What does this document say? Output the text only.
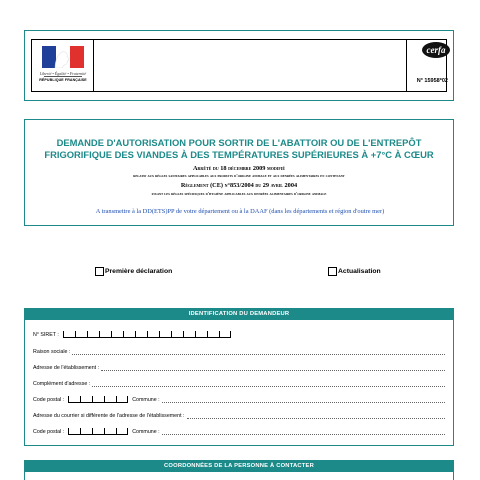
Liberté • Égalité • Fraternité
RÉPUBLIQUE FRANÇAISE
cerfa
N° 15958*02
DEMANDE D'AUTORISATION POUR SORTIR DE L'ABATTOIR OU DE L'ENTREPÔT
FRIGORIFIQUE DES VIANDES À DES TEMPÉRATURES SUPÉRIEURES À +7°C À CŒUR
Arrêté du 18 décembre 2009 modifié
relatif aux règles sanitaires applicables aux produits d'origine animale et aux denrées alimentaires en contenant
Règlement (CE) n°853/2004 du 29 avril 2004
fixant les règles spécifiques d'hygiène applicables aux denrées alimentaires d'origine animale
A transmettre à la DD(ETS)PP de votre département ou à la DAAF (dans les départements et région d'outre mer)
Première déclaration	Actualisation
IDENTIFICATION DU DEMANDEUR
N° SIRET :
Raison sociale :
Adresse de l'établissement :
Complément d'adresse :
Code postal :	Commune :
Adresse du courrier si différente de l'adresse de l'établissement :
Code postal :	Commune :
COORDONNÉES DE LA PERSONNE À CONTACTER
